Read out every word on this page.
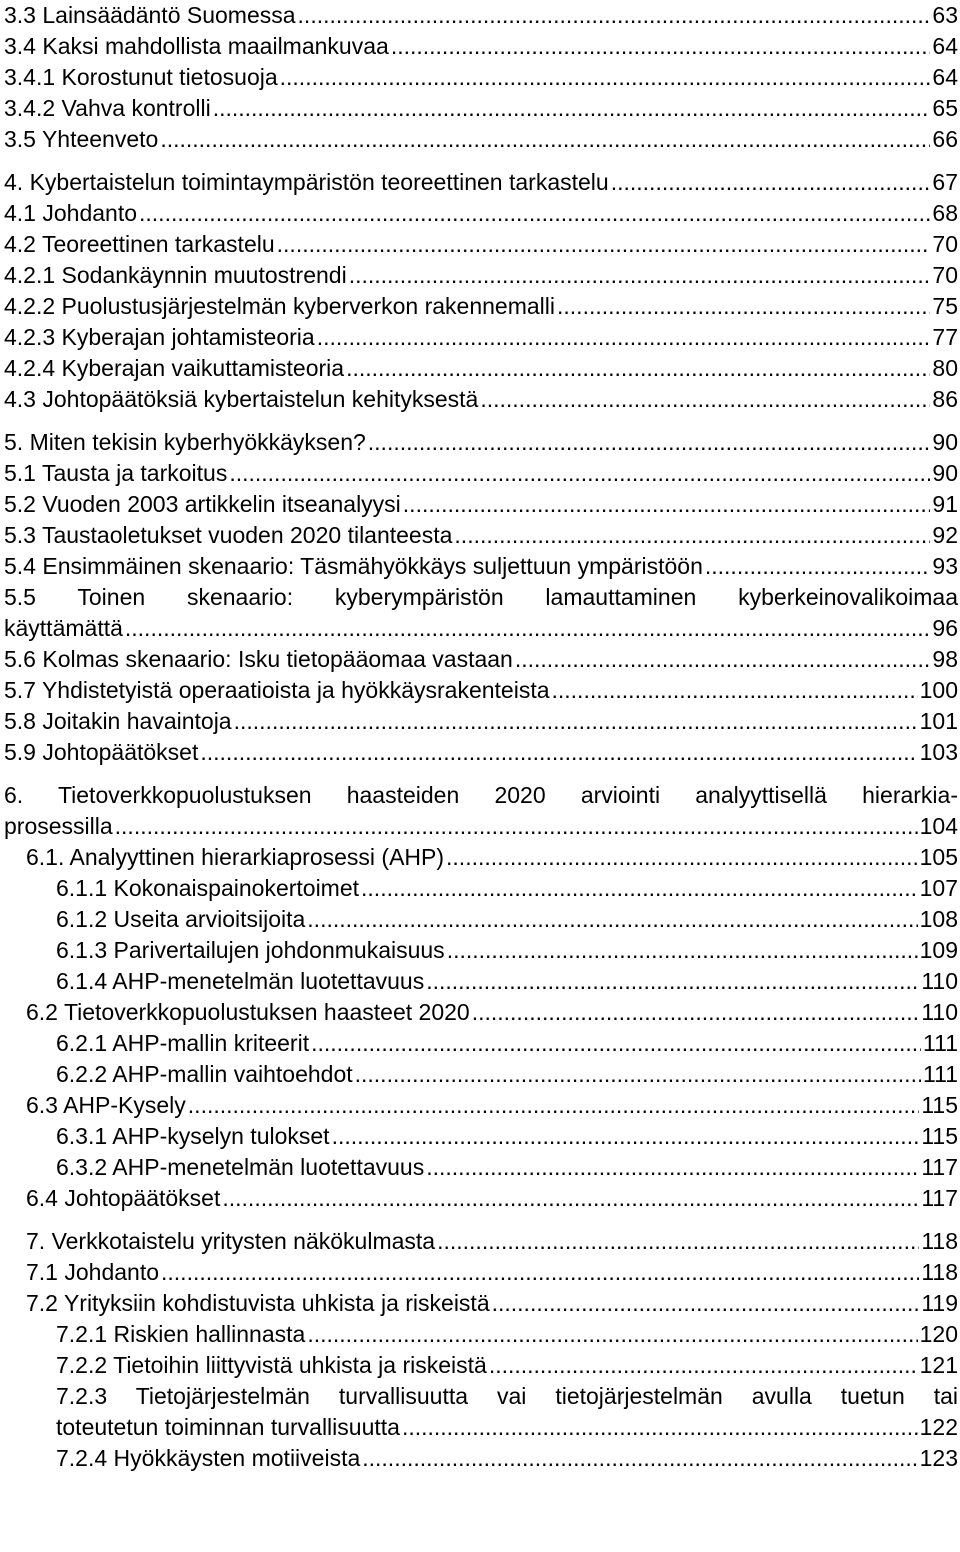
3.3 Lainsäädäntö Suomessa .....	63
3.4 Kaksi mahdollista maailmankuvaa .....	64
3.4.1 Korostunut tietosuoja .....	64
3.4.2 Vahva kontrolli .....	65
3.5 Yhteenveto .....	66
4. Kybertaistelun toimintaympäristön teoreettinen tarkastelu .....	67
4.1 Johdanto .....	68
4.2 Teoreettinen tarkastelu .....	70
4.2.1 Sodankäynnin muutostrendi .....	70
4.2.2 Puolustusjärjestelmän kyberverkon rakennemalli .....	75
4.2.3 Kyberajan johtamisteoria .....	77
4.2.4 Kyberajan vaikuttamisteoria .....	80
4.3 Johtopäätöksiä kybertaistelun kehityksestä .....	86
5. Miten tekisin kyberhyökkäyksen? .....	90
5.1 Tausta ja tarkoitus .....	90
5.2 Vuoden 2003 artikkelin itseanalyysi .....	91
5.3 Taustaoletukset vuoden 2020 tilanteesta .....	92
5.4 Ensimmäinen skenaario: Täsmähyökkäys suljettuun ympäristöön .....	93
5.5 Toinen skenaario: kyberympäristön lamauttaminen kyberkeinovalikoimaa
käyttämättä .....	96
5.6 Kolmas skenaario: Isku tietopääomaa vastaan .....	98
5.7 Yhdistetyistä operaatioista ja hyökkäysrakenteista .....	100
5.8 Joitakin havaintoja .....	101
5.9 Johtopäätökset .....	103
6. Tietoverkkopuolustuksen haasteiden 2020 arviointi analyyttisellä hierarkia-
prosessilla .....	104
6.1. Analyyttinen hierarkiaprosessi (AHP) .....	105
6.1.1 Kokonaispainokertoimet .....	107
6.1.2 Useita arvioitsijoita .....	108
6.1.3 Parivertailujen johdonmukaisuus .....	109
6.1.4 AHP-menetelmän luotettavuus .....	110
6.2 Tietoverkkopuolustuksen haasteet 2020 .....	110
6.2.1 AHP-mallin kriteerit .....	111
6.2.2 AHP-mallin vaihtoehdot .....	111
6.3 AHP-Kysely .....	115
6.3.1 AHP-kyselyn tulokset .....	115
6.3.2 AHP-menetelmän luotettavuus .....	117
6.4 Johtopäätökset .....	117
7. Verkkotaistelu yritysten näkökulmasta .....	118
7.1 Johdanto .....	118
7.2 Yrityksiin kohdistuvista uhkista ja riskeistä .....	119
7.2.1 Riskien hallinnasta .....	120
7.2.2 Tietoihin liittyvistä uhkista ja riskeistä .....	121
7.2.3 Tietojärjestelmän turvallisuutta vai tietojärjestelmän avulla tuetun tai
toteutetun toiminnan turvallisuutta .....	122
7.2.4 Hyökkäysten motiiveista .....	123
